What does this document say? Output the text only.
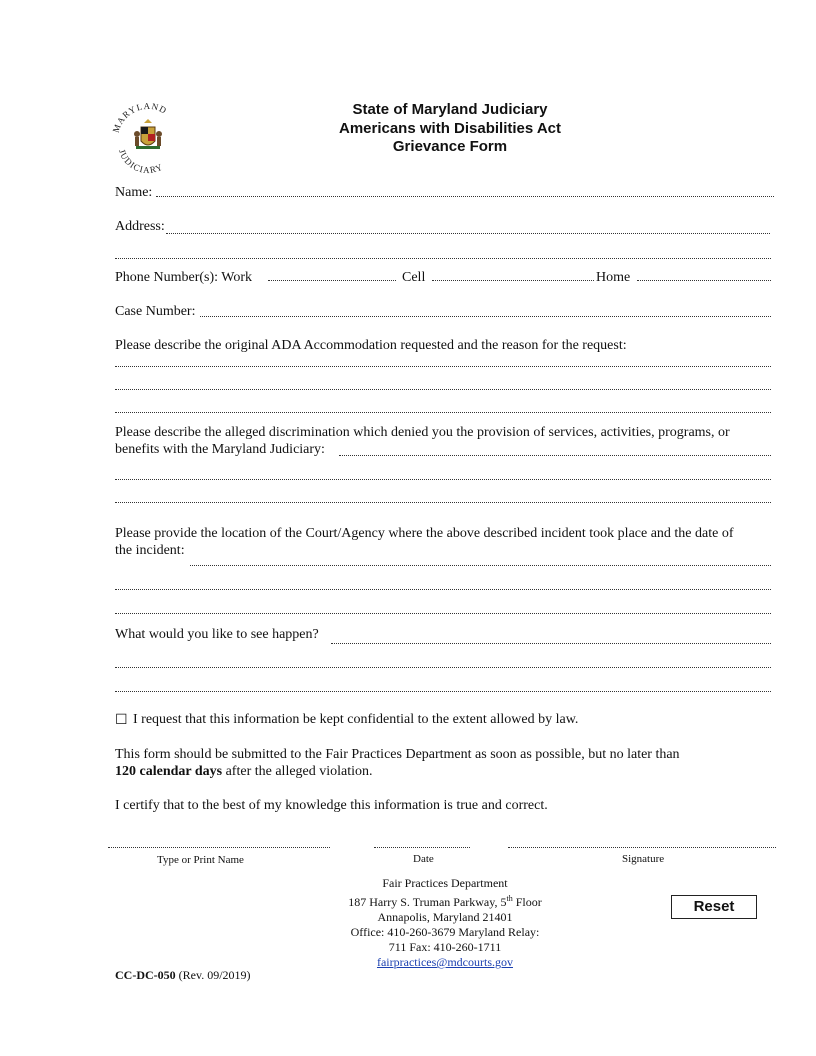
MARYLAND
JUDICIARY
State of Maryland Judiciary
Americans with Disabilities Act
Grievance Form
Name:
Address:
Phone Number(s): Work	Cell	Home
Case Number:
Please describe the original ADA Accommodation requested and the reason for the request:
Please describe the alleged discrimination which denied you the provision of services, activities, programs, or
benefits with the Maryland Judiciary:
Please provide the location of the Court/Agency where the above described incident took place and the date of
the incident:
What would you like to see happen?
☐ I request that this information be kept confidential to the extent allowed by law.
This form should be submitted to the Fair Practices Department as soon as possible, but no later than
120 calendar days after the alleged violation.
I certify that to the best of my knowledge this information is true and correct.
Type or Print Name	Date	Signature
Fair Practices Department
187 Harry S. Truman Parkway, 5th Floor
Annapolis, Maryland 21401
Office: 410-260-3679 Maryland Relay:
711 Fax: 410-260-1711
fairpractices@mdcourts.gov
Reset
CC-DC-050 (Rev. 09/2019)
